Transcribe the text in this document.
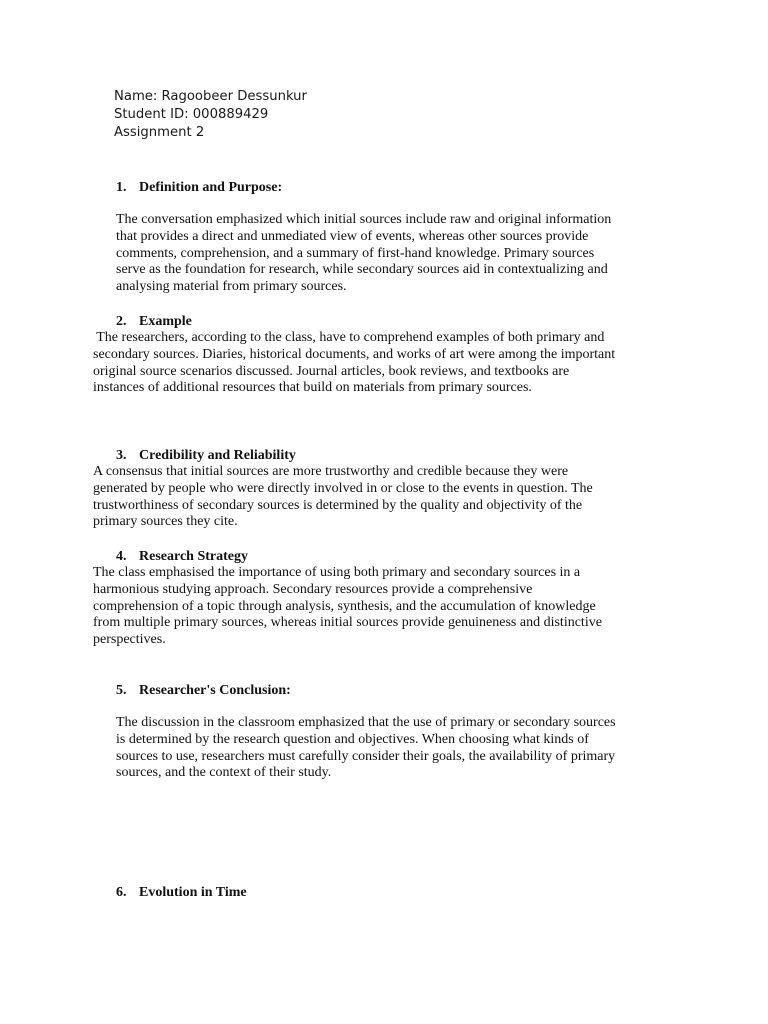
Name: Ragoobeer Dessunkur
Student ID: 000889429
Assignment 2
1. Definition and Purpose:
The conversation emphasized which initial sources include raw and original information
that provides a direct and unmediated view of events, whereas other sources provide
comments, comprehension, and a summary of first-hand knowledge. Primary sources
serve as the foundation for research, while secondary sources aid in contextualizing and
analysing material from primary sources.
2. Example
The researchers, according to the class, have to comprehend examples of both primary and
secondary sources. Diaries, historical documents, and works of art were among the important
original source scenarios discussed. Journal articles, book reviews, and textbooks are
instances of additional resources that build on materials from primary sources.
3. Credibility and Reliability
A consensus that initial sources are more trustworthy and credible because they were
generated by people who were directly involved in or close to the events in question. The
trustworthiness of secondary sources is determined by the quality and objectivity of the
primary sources they cite.
4. Research Strategy
The class emphasised the importance of using both primary and secondary sources in a
harmonious studying approach. Secondary resources provide a comprehensive
comprehension of a topic through analysis, synthesis, and the accumulation of knowledge
from multiple primary sources, whereas initial sources provide genuineness and distinctive
perspectives.
5. Researcher's Conclusion:
The discussion in the classroom emphasized that the use of primary or secondary sources
is determined by the research question and objectives. When choosing what kinds of
sources to use, researchers must carefully consider their goals, the availability of primary
sources, and the context of their study.
6. Evolution in Time
